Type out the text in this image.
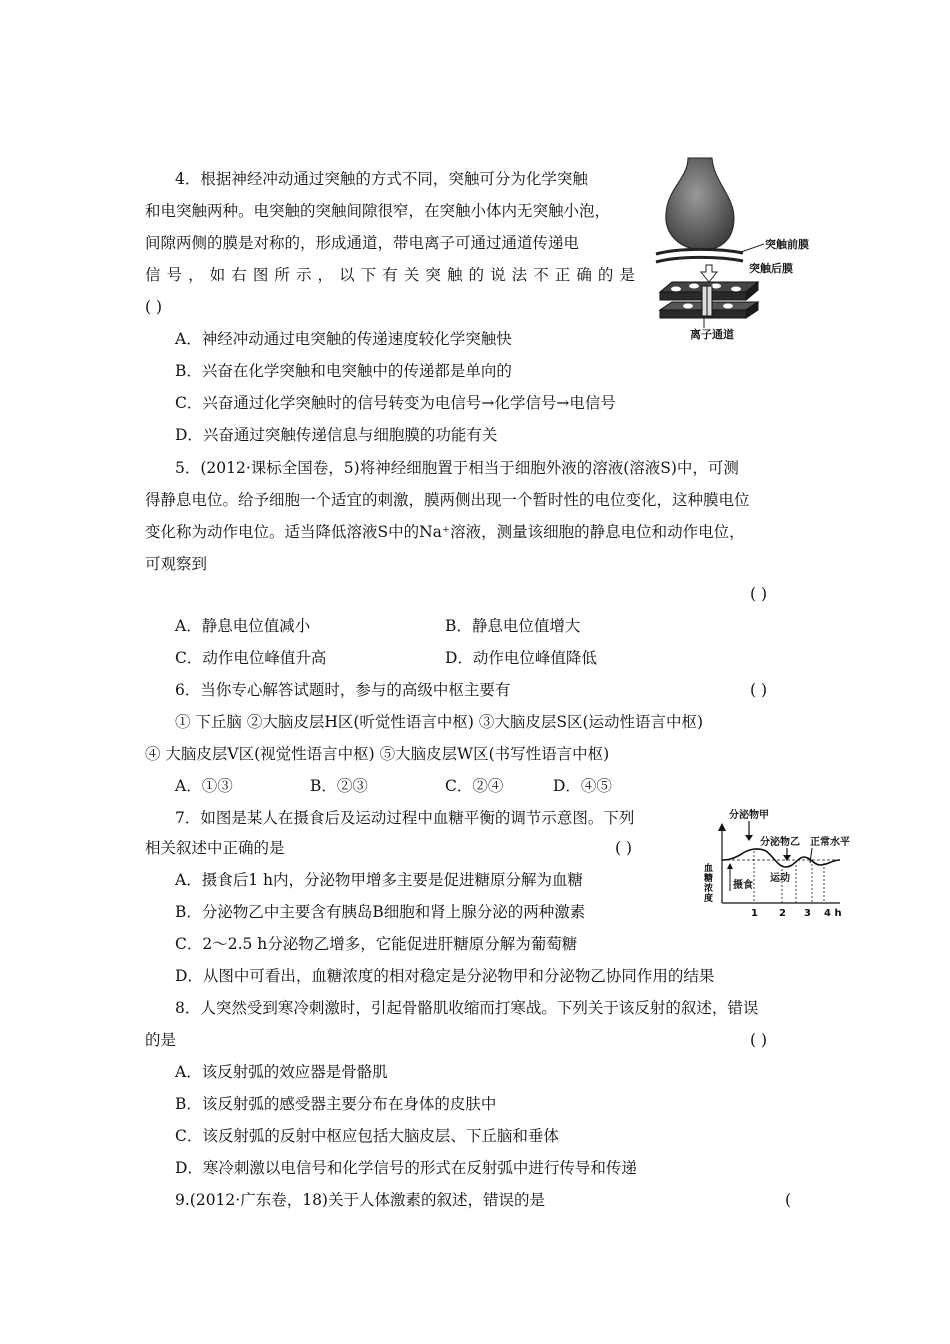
4．根据神经冲动通过突触的方式不同，突触可分为化学突触
和电突触两种。电突触的突触间隙很窄，在突触小体内无突触小泡，
间隙两侧的膜是对称的，形成通道，带电离子可通过通道传递电
信号，如右图所示，以下有关突触的说法不正确的是
( )
A．神经冲动通过电突触的传递速度较化学突触快
B．兴奋在化学突触和电突触中的传递都是单向的
C．兴奋通过化学突触时的信号转变为电信号→化学信号→电信号
D．兴奋通过突触传递信息与细胞膜的功能有关
突触前膜
突触后膜
离子通道
5．(2012·课标全国卷，5)将神经细胞置于相当于细胞外液的溶液(溶液S)中，可测
得静息电位。给予细胞一个适宜的刺激，膜两侧出现一个暂时性的电位变化，这种膜电位
变化称为动作电位。适当降低溶液S中的Na⁺溶液，测量该细胞的静息电位和动作电位，
可观察到
( )
A．静息电位值减小	B．静息电位值增大
C．动作电位峰值升高	D．动作电位峰值降低
6．当你专心解答试题时，参与的高级中枢主要有	( )
① 下丘脑 ②大脑皮层H区(听觉性语言中枢) ③大脑皮层S区(运动性语言中枢)
④ 大脑皮层V区(视觉性语言中枢) ⑤大脑皮层W区(书写性语言中枢)
A．①③	B．②③	C．②④	D．④⑤
7．如图是某人在摄食后及运动过程中血糖平衡的调节示意图。下列
相关叙述中正确的是	( )
A．摄食后1 h内，分泌物甲增多主要是促进糖原分解为血糖
B．分泌物乙中主要含有胰岛B细胞和肾上腺分泌的两种激素
C．2～2.5 h分泌物乙增多，它能促进肝糖原分解为葡萄糖
D．从图中可看出，血糖浓度的相对稳定是分泌物甲和分泌物乙协同作用的结果
分泌物甲
分泌物乙 正常水平
血
糖
浓
度
摄食
运动
1 2 3 4 h
8．人突然受到寒冷刺激时，引起骨骼肌收缩而打寒战。下列关于该反射的叙述，错误
的是	( )
A．该反射弧的效应器是骨骼肌
B．该反射弧的感受器主要分布在身体的皮肤中
C．该反射弧的反射中枢应包括大脑皮层、下丘脑和垂体
D．寒冷刺激以电信号和化学信号的形式在反射弧中进行传导和传递
9.(2012·广东卷，18)关于人体激素的叙述，错误的是	(
